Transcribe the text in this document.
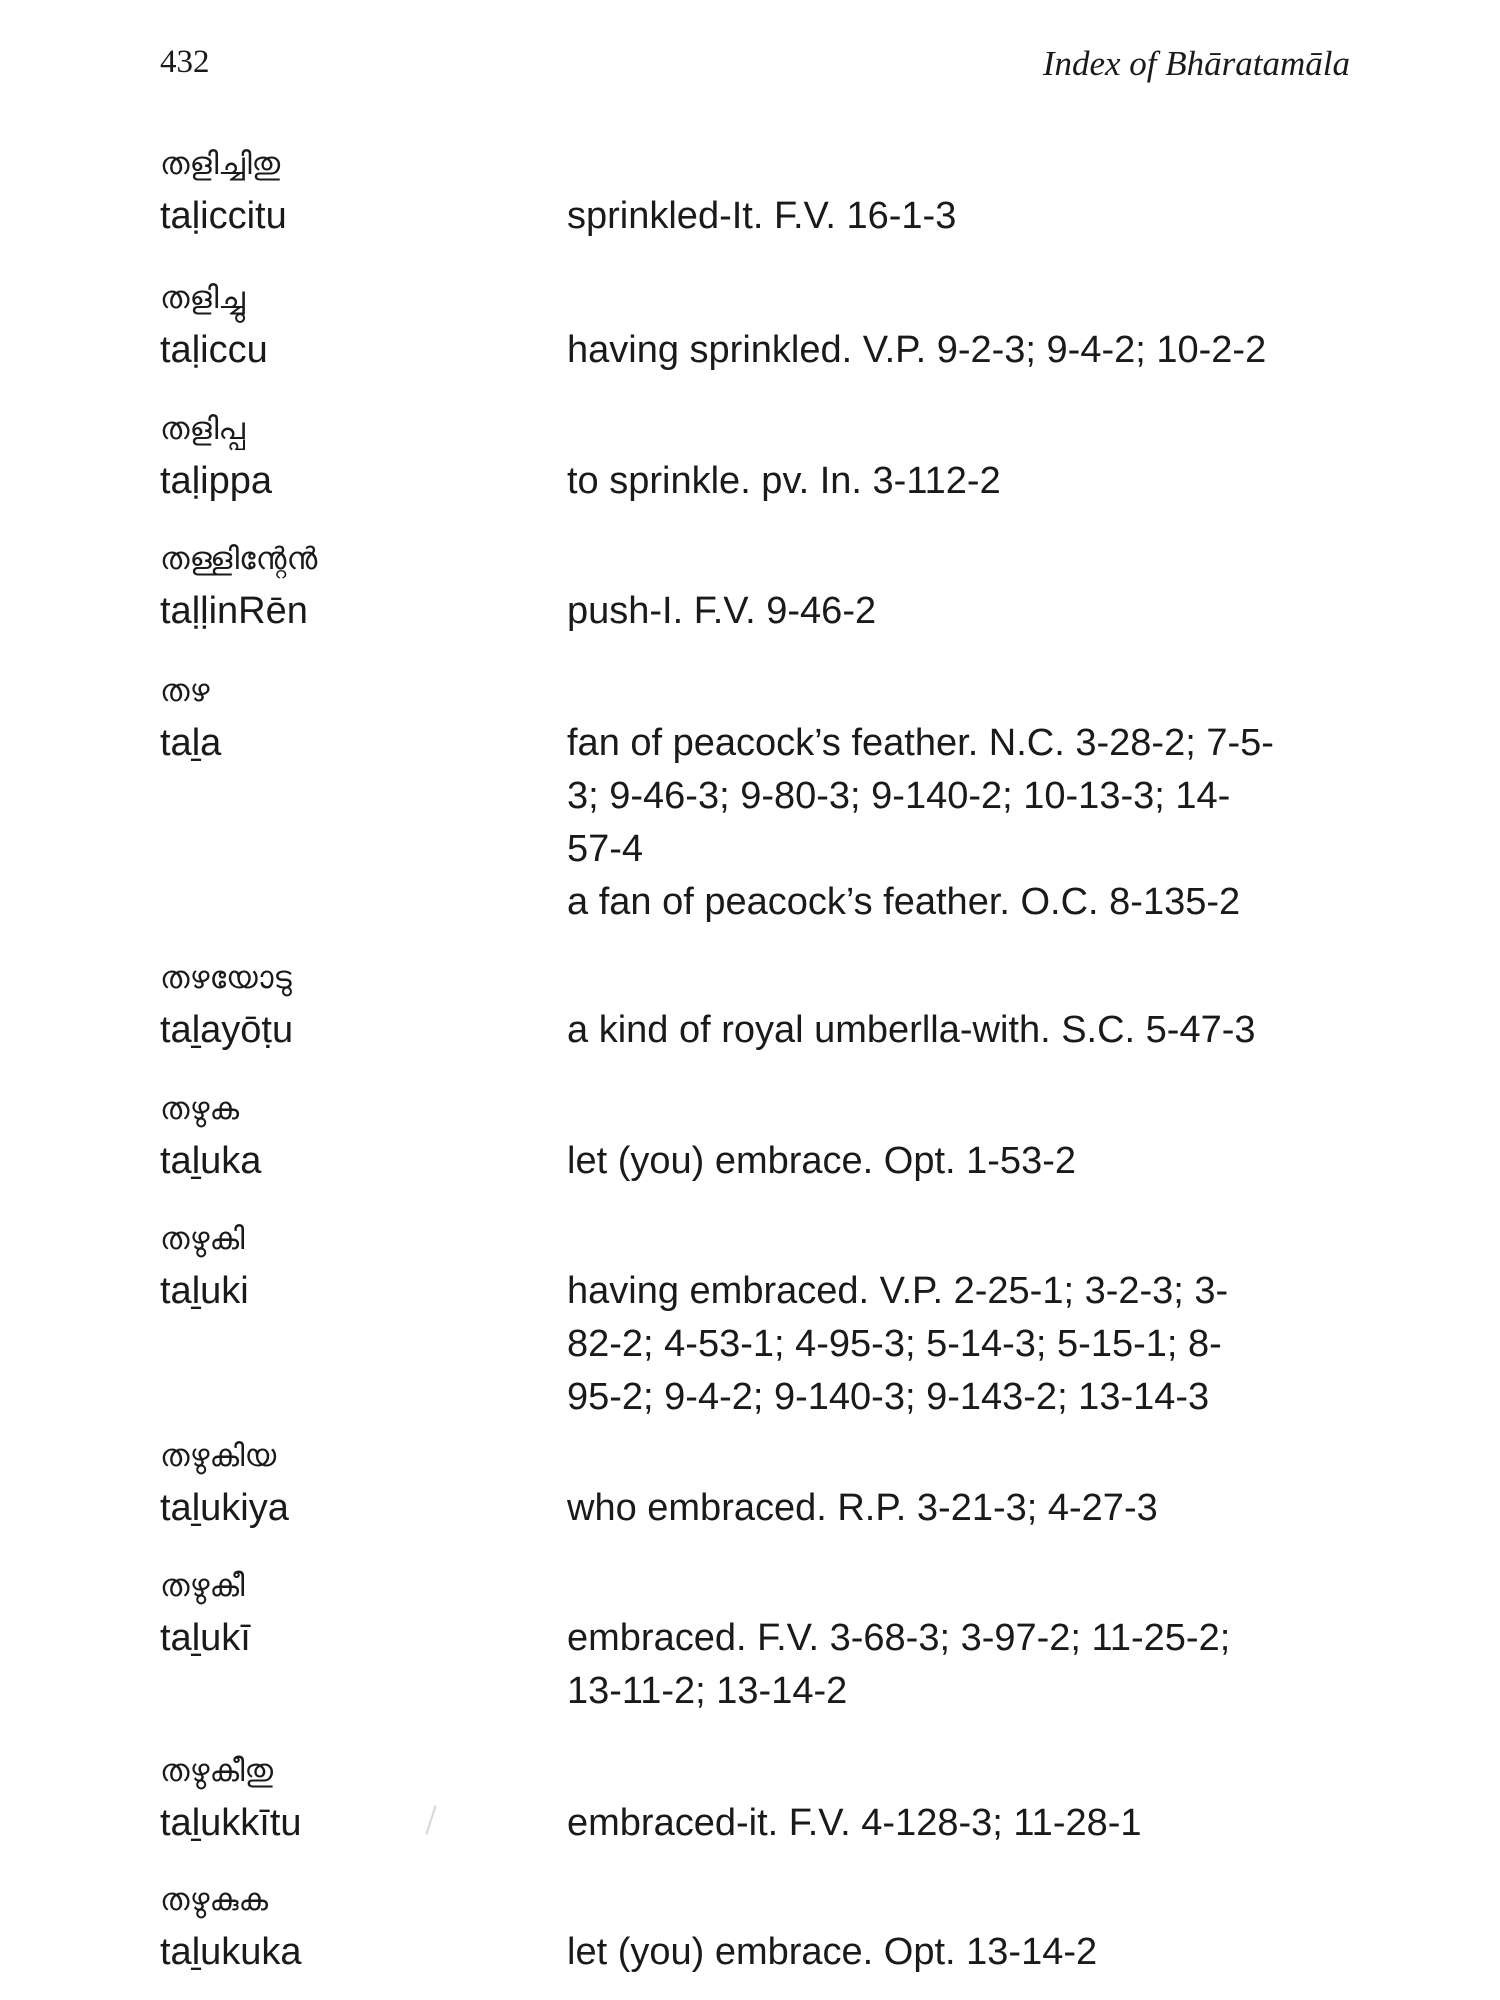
432	Index of Bhāratamāla
തളിച്ചിതു
taḷiccitu	sprinkled-It. F.V. 16-1-3
തളിച്ചു
taḷiccu	having sprinkled. V.P. 9-2-3; 9-4-2; 10-2-2
തളിപ്പ
taḷippa	to sprinkle. pv. In. 3-112-2
തള്ളിന്റേൻ
taḷḷinRēn	push-I. F.V. 9-46-2
തഴ
taḻa	fan of peacock’s feather. N.C. 3-28-2; 7-5-
3; 9-46-3; 9-80-3; 9-140-2; 10-13-3; 14-
57-4
a fan of peacock’s feather. O.C. 8-135-2
തഴയോടു
taḻayōṭu	a kind of royal umberlla-with. S.C. 5-47-3
തഴുക
taḻuka	let (you) embrace. Opt. 1-53-2
തഴുകി
taḻuki	having embraced. V.P. 2-25-1; 3-2-3; 3-
82-2; 4-53-1; 4-95-3; 5-14-3; 5-15-1; 8-
95-2; 9-4-2; 9-140-3; 9-143-2; 13-14-3
തഴുകിയ
taḻukiya	who embraced. R.P. 3-21-3; 4-27-3
തഴുകീ
taḻukī	embraced. F.V. 3-68-3; 3-97-2; 11-25-2;
13-11-2; 13-14-2
തഴുകീതു
taḻukkītu	embraced-it. F.V. 4-128-3; 11-28-1
തഴുകുക
taḻukuka	let (you) embrace. Opt. 13-14-2
